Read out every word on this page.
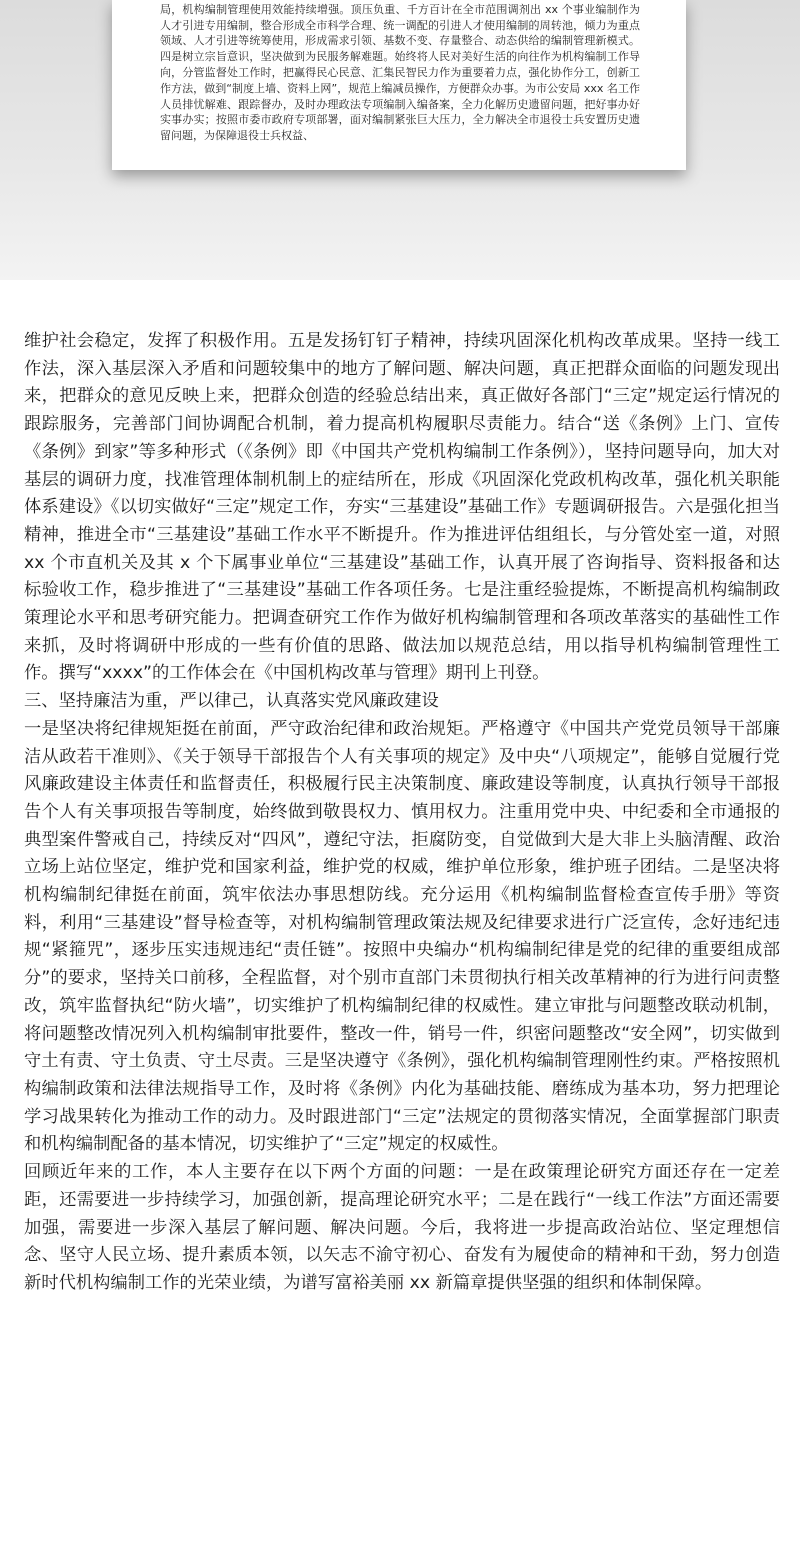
局，机构编制管理使用效能持续增强。顶压负重、千方百计在全市范围调剂出 xx 个事业编制作为人才引进专用编制，整合形成全市科学合理、统一调配的引进人才使用编制的周转池，倾力为重点领域、人才引进等统筹使用，形成需求引领、基数不变、存量整合、动态供给的编制管理新模式。四是树立宗旨意识，坚决做到为民服务解难题。始终将人民对美好生活的向往作为机构编制工作导向，分管监督处工作时，把赢得民心民意、汇集民智民力作为重要着力点，强化协作分工，创新工作方法，做到“制度上墙、资料上网”，规范上编减员操作，方便群众办事。为市公安局 xxx 名工作人员排忧解难、跟踪督办，及时办理政法专项编制入编备案，全力化解历史遗留问题，把好事办好实事办实；按照市委市政府专项部署，面对编制紧张巨大压力，全力解决全市退役士兵安置历史遗留问题，为保障退役士兵权益、

维护社会稳定，发挥了积极作用。五是发扬钉钉子精神，持续巩固深化机构改革成果。坚持一线工作法，深入基层深入矛盾和问题较集中的地方了解问题、解决问题，真正把群众面临的问题发现出来，把群众的意见反映上来，把群众创造的经验总结出来，真正做好各部门“三定”规定运行情况的跟踪服务，完善部门间协调配合机制，着力提高机构履职尽责能力。结合“送《条例》上门、宣传《条例》到家”等多种形式（《条例》即《中国共产党机构编制工作条例》），坚持问题导向，加大对基层的调研力度，找准管理体制机制上的症结所在，形成《巩固深化党政机构改革，强化机关职能体系建设》《以切实做好“三定”规定工作，夯实“三基建设”基础工作》专题调研报告。六是强化担当精神，推进全市“三基建设”基础工作水平不断提升。作为推进评估组组长，与分管处室一道，对照 xx 个市直机关及其 x 个下属事业单位“三基建设”基础工作，认真开展了咨询指导、资料报备和达标验收工作，稳步推进了“三基建设”基础工作各项任务。七是注重经验提炼，不断提高机构编制政策理论水平和思考研究能力。把调查研究工作作为做好机构编制管理和各项改革落实的基础性工作来抓，及时将调研中形成的一些有价值的思路、做法加以规范总结，用以指导机构编制管理性工作。撰写“xxxx”的工作体会在《中国机构改革与管理》期刊上刊登。

三、坚持廉洁为重，严以律己，认真落实党风廉政建设

一是坚决将纪律规矩挺在前面，严守政治纪律和政治规矩。严格遵守《中国共产党党员领导干部廉洁从政若干准则》、《关于领导干部报告个人有关事项的规定》及中央“八项规定”，能够自觉履行党风廉政建设主体责任和监督责任，积极履行民主决策制度、廉政建设等制度，认真执行领导干部报告个人有关事项报告等制度，始终做到敬畏权力、慎用权力。注重用党中央、中纪委和全市通报的典型案件警戒自己，持续反对“四风”，遵纪守法，拒腐防变，自觉做到大是大非上头脑清醒、政治立场上站位坚定，维护党和国家利益，维护党的权威，维护单位形象，维护班子团结。二是坚决将机构编制纪律挺在前面，筑牢依法办事思想防线。充分运用《机构编制监督检查宣传手册》等资料，利用“三基建设”督导检查等，对机构编制管理政策法规及纪律要求进行广泛宣传，念好违纪违规“紧箍咒”，逐步压实违规违纪“责任链”。按照中央编办“机构编制纪律是党的纪律的重要组成部分”的要求，坚持关口前移，全程监督，对个别市直部门未贯彻执行相关改革精神的行为进行问责整改，筑牢监督执纪“防火墙”，切实维护了机构编制纪律的权威性。建立审批与问题整改联动机制，将问题整改情况列入机构编制审批要件，整改一件，销号一件，织密问题整改“安全网”，切实做到守土有责、守土负责、守土尽责。三是坚决遵守《条例》，强化机构编制管理刚性约束。严格按照机构编制政策和法律法规指导工作，及时将《条例》内化为基础技能、磨练成为基本功，努力把理论学习战果转化为推动工作的动力。及时跟进部门“三定”法规定的贯彻落实情况，全面掌握部门职责和机构编制配备的基本情况，切实维护了“三定”规定的权威性。

回顾近年来的工作，本人主要存在以下两个方面的问题：一是在政策理论研究方面还存在一定差距，还需要进一步持续学习，加强创新，提高理论研究水平；二是在践行“一线工作法”方面还需要加强，需要进一步深入基层了解问题、解决问题。今后，我将进一步提高政治站位、坚定理想信念、坚守人民立场、提升素质本领，以矢志不渝守初心、奋发有为履使命的精神和干劲，努力创造新时代机构编制工作的光荣业绩，为谱写富裕美丽 xx 新篇章提供坚强的组织和体制保障。
